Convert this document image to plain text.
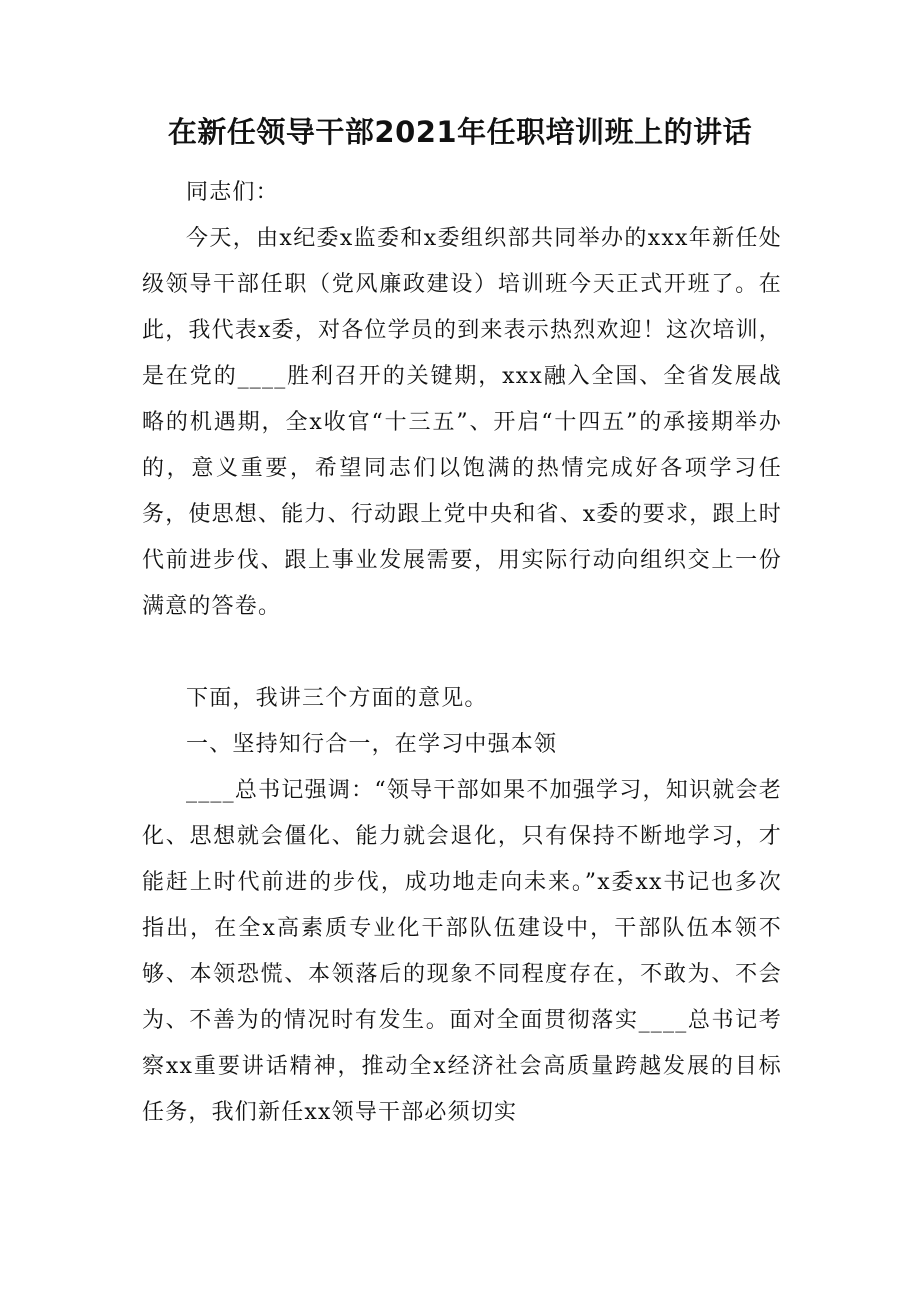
在新任领导干部2021年任职培训班上的讲话

同志们：

今天，由x纪委x监委和x委组织部共同举办的xxx年新任处级领导干部任职（党风廉政建设）培训班今天正式开班了。在此，我代表x委，对各位学员的到来表示热烈欢迎！这次培训，是在党的____胜利召开的关键期，xxx融入全国、全省发展战略的机遇期，全x收官“十三五”、开启“十四五”的承接期举办的，意义重要，希望同志们以饱满的热情完成好各项学习任务，使思想、能力、行动跟上党中央和省、x委的要求，跟上时代前进步伐、跟上事业发展需要，用实际行动向组织交上一份满意的答卷。

下面，我讲三个方面的意见。

一、坚持知行合一，在学习中强本领

____总书记强调：“领导干部如果不加强学习，知识就会老化、思想就会僵化、能力就会退化，只有保持不断地学习，才能赶上时代前进的步伐，成功地走向未来。”x委xx书记也多次指出，在全x高素质专业化干部队伍建设中，干部队伍本领不够、本领恐慌、本领落后的现象不同程度存在，不敢为、不会为、不善为的情况时有发生。面对全面贯彻落实____总书记考察xx重要讲话精神，推动全x经济社会高质量跨越发展的目标任务，我们新任xx领导干部必须切实
